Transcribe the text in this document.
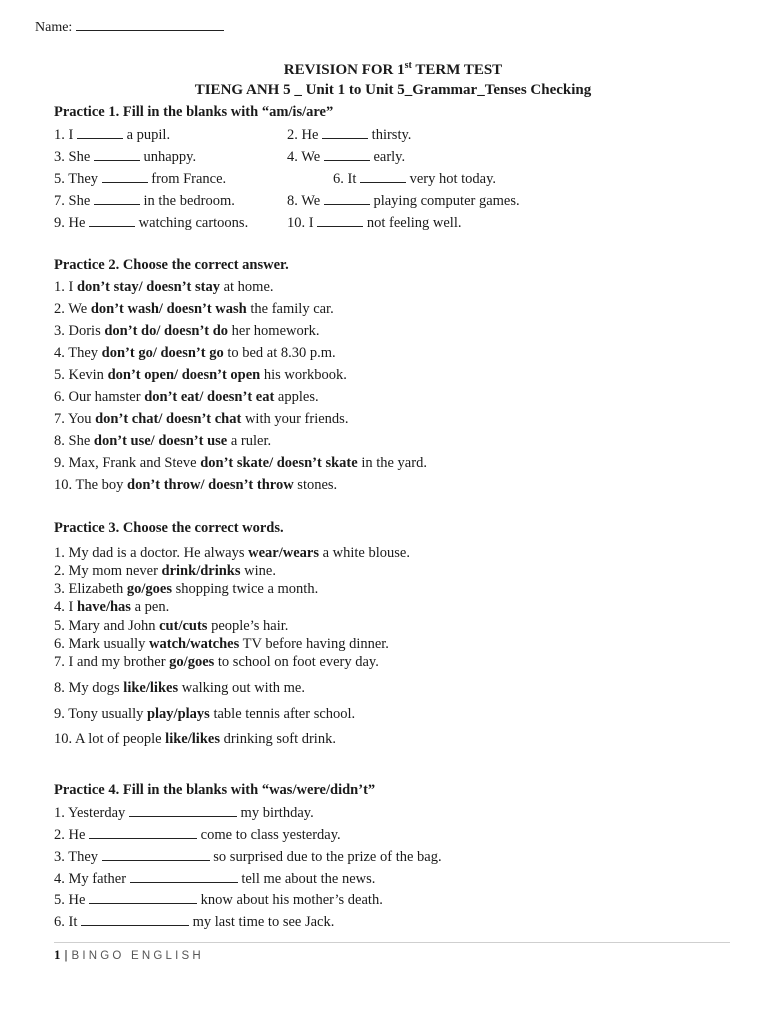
Name:
REVISION FOR 1st TERM TEST
TIENG ANH 5 _ Unit 1 to Unit 5_Grammar_Tenses Checking
Practice 1. Fill in the blanks with “am/is/are”
1. I	a pupil.	2. He	thirsty.
3. She	unhappy.	4. We	early.
5. They	from France.	6. It	very hot today.
7. She	in the bedroom.	8. We	playing computer games.
9. He	watching cartoons.	10. I	not feeling well.
Practice 2. Choose the correct answer.
1. I don’t stay/ doesn’t stay at home.
2. We don’t wash/ doesn’t wash the family car.
3. Doris don’t do/ doesn’t do her homework.
4. They don’t go/ doesn’t go to bed at 8.30 p.m.
5. Kevin don’t open/ doesn’t open his workbook.
6. Our hamster don’t eat/ doesn’t eat apples.
7. You don’t chat/ doesn’t chat with your friends.
8. She don’t use/ doesn’t use a ruler.
9. Max, Frank and Steve don’t skate/ doesn’t skate in the yard.
10. The boy don’t throw/ doesn’t throw stones.
Practice 3. Choose the correct words.
1. My dad is a doctor. He always wear/wears a white blouse.
2. My mom never drink/drinks wine.
3. Elizabeth go/goes shopping twice a month.
4. I have/has a pen.
5. Mary and John cut/cuts people’s hair.
6. Mark usually watch/watches TV before having dinner.
7. I and my brother go/goes to school on foot every day.
8. My dogs like/likes walking out with me.
9. Tony usually play/plays table tennis after school.
10. A lot of people like/likes drinking soft drink.
Practice 4. Fill in the blanks with “was/were/didn’t”
1. Yesterday	my birthday.
2. He	come to class yesterday.
3. They	so surprised due to the prize of the bag.
4. My father	tell me about the news.
5. He	know about his mother’s death.
6. It	my last time to see Jack.
1 | BINGO ENGLISH
